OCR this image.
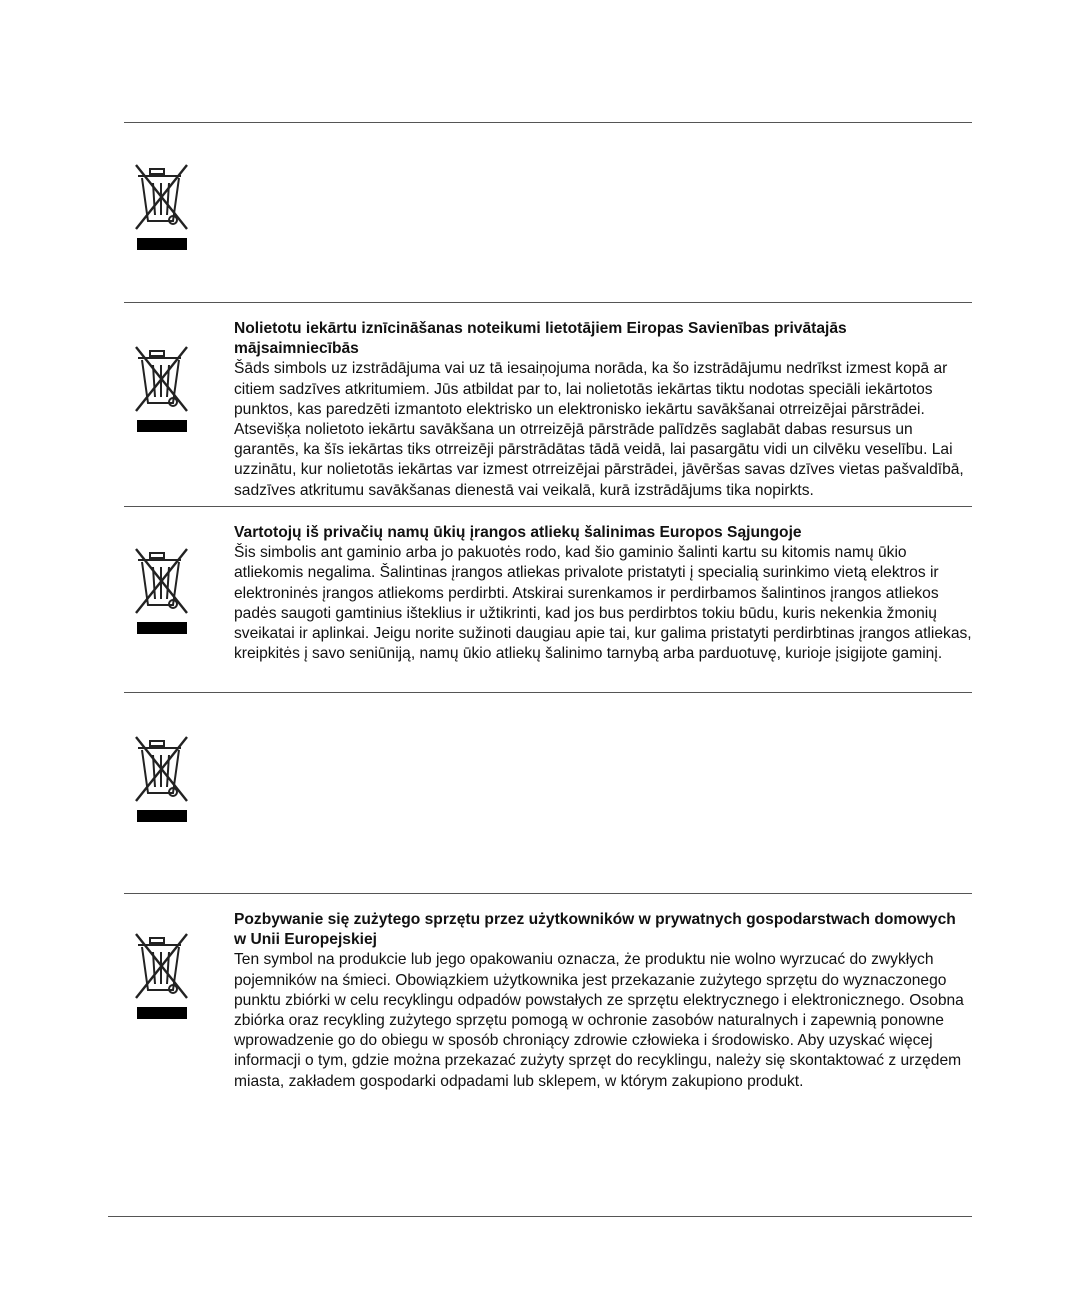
Nolietotu iekārtu iznīcināšanas noteikumi lietotājiem Eiropas Savienības privātajās mājsaimniecībās

Šāds simbols uz izstrādājuma vai uz tā iesaiņojuma norāda, ka šo izstrādājumu nedrīkst izmest kopā ar citiem sadzīves atkritumiem. Jūs atbildat par to, lai nolietotās iekārtas tiktu nodotas speciāli iekārtotos punktos, kas paredzēti izmantoto elektrisko un elektronisko iekārtu savākšanai otrreizējai pārstrādei. Atsevišķa nolietoto iekārtu savākšana un otrreizējā pārstrāde palīdzēs saglabāt dabas resursus un garantēs, ka šīs iekārtas tiks otrreizēji pārstrādātas tādā veidā, lai pasargātu vidi un cilvēku veselību. Lai uzzinātu, kur nolietotās iekārtas var izmest otrreizējai pārstrādei, jāvēršas savas dzīves vietas pašvaldībā, sadzīves atkritumu savākšanas dienestā vai veikalā, kurā izstrādājums tika nopirkts.

Vartotojų iš privačių namų ūkių įrangos atliekų šalinimas Europos Sąjungoje

Šis simbolis ant gaminio arba jo pakuotės rodo, kad šio gaminio šalinti kartu su kitomis namų ūkio atliekomis negalima. Šalintinas įrangos atliekas privalote pristatyti į specialią surinkimo vietą elektros ir elektroninės įrangos atliekoms perdirbti. Atskirai surenkamos ir perdirbamos šalintinos įrangos atliekos padės saugoti gamtinius išteklius ir užtikrinti, kad jos bus perdirbtos tokiu būdu, kuris nekenkia žmonių sveikatai ir aplinkai. Jeigu norite sužinoti daugiau apie tai, kur galima pristatyti perdirbtinas įrangos atliekas, kreipkitės į savo seniūniją, namų ūkio atliekų šalinimo tarnybą arba parduotuvę, kurioje įsigijote gaminį.

Pozbywanie się zużytego sprzętu przez użytkowników w prywatnych gospodarstwach domowych w Unii Europejskiej

Ten symbol na produkcie lub jego opakowaniu oznacza, że produktu nie wolno wyrzucać do zwykłych pojemników na śmieci. Obowiązkiem użytkownika jest przekazanie zużytego sprzętu do wyznaczonego punktu zbiórki w celu recyklingu odpadów powstałych ze sprzętu elektrycznego i elektronicznego. Osobna zbiórka oraz recykling zużytego sprzętu pomogą w ochronie zasobów naturalnych i zapewnią ponowne wprowadzenie go do obiegu w sposób chroniący zdrowie człowieka i środowisko. Aby uzyskać więcej informacji o tym, gdzie można przekazać zużyty sprzęt do recyklingu, należy się skontaktować z urzędem miasta, zakładem gospodarki odpadami lub sklepem, w którym zakupiono produkt.
